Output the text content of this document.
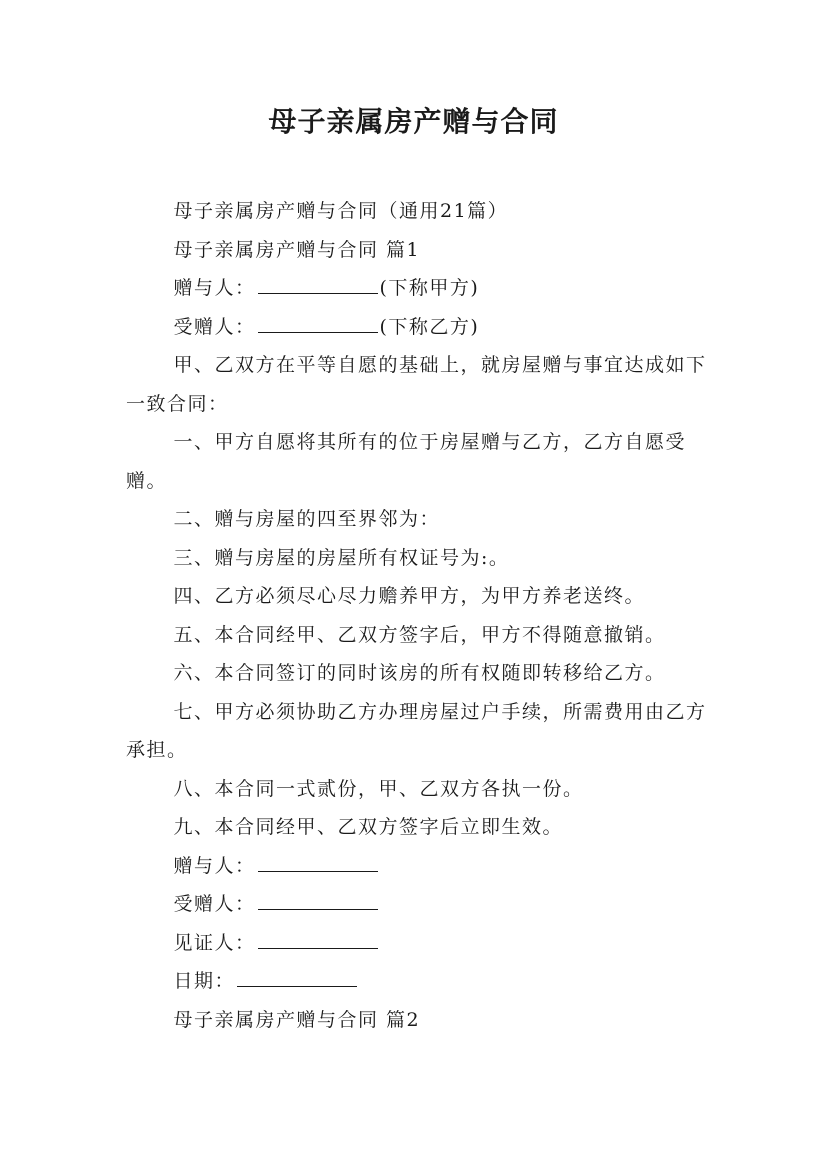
母子亲属房产赠与合同

母子亲属房产赠与合同（通用21篇）

母子亲属房产赠与合同 篇1

赠与人：	(下称甲方)

受赠人：	(下称乙方)

甲、乙双方在平等自愿的基础上，就房屋赠与事宜达成如下一致合同：

一、甲方自愿将其所有的位于房屋赠与乙方，乙方自愿受赠。

二、赠与房屋的四至界邻为：

三、赠与房屋的房屋所有权证号为:。

四、乙方必须尽心尽力赡养甲方，为甲方养老送终。

五、本合同经甲、乙双方签字后，甲方不得随意撤销。

六、本合同签订的同时该房的所有权随即转移给乙方。

七、甲方必须协助乙方办理房屋过户手续，所需费用由乙方承担。

八、本合同一式贰份，甲、乙双方各执一份。

九、本合同经甲、乙双方签字后立即生效。

赠与人：

受赠人：

见证人：

日期：

母子亲属房产赠与合同 篇2
